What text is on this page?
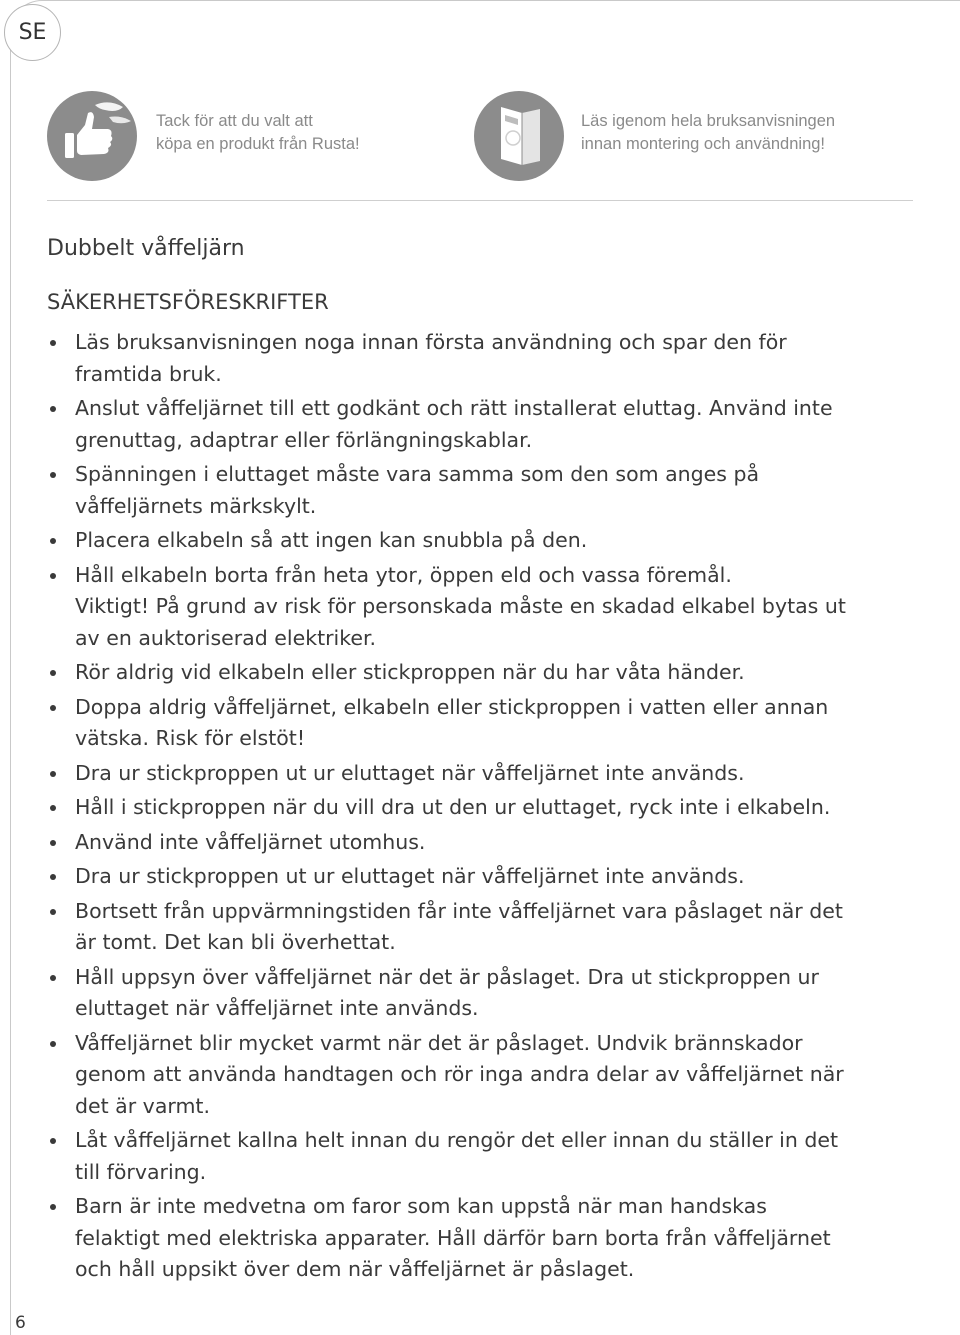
SE

Tack för att du valt att
köpa en produkt från Rusta!

Läs igenom hela bruksanvisningen
innan montering och användning!

Dubbelt våffeljärn
SÄKERHETSFÖRESKRIFTER
Läs bruksanvisningen noga innan första användning och spar den för
framtida bruk.
Anslut våffeljärnet till ett godkänt och rätt installerat eluttag. Använd inte
grenuttag, adaptrar eller förlängningskablar.
Spänningen i eluttaget måste vara samma som den som anges på
våffeljärnets märkskylt.
Placera elkabeln så att ingen kan snubbla på den.
Håll elkabeln borta från heta ytor, öppen eld och vassa föremål.
Viktigt! På grund av risk för personskada måste en skadad elkabel bytas ut
av en auktoriserad elektriker.
Rör aldrig vid elkabeln eller stickproppen när du har våta händer.
Doppa aldrig våffeljärnet, elkabeln eller stickproppen i vatten eller annan
vätska. Risk för elstöt!
Dra ur stickproppen ut ur eluttaget när våffeljärnet inte används.
Håll i stickproppen när du vill dra ut den ur eluttaget, ryck inte i elkabeln.
Använd inte våffeljärnet utomhus.
Dra ur stickproppen ut ur eluttaget när våffeljärnet inte används.
Bortsett från uppvärmningstiden får inte våffeljärnet vara påslaget när det
är tomt. Det kan bli överhettat.
Håll uppsyn över våffeljärnet när det är påslaget. Dra ut stickproppen ur
eluttaget när våffeljärnet inte används.
Våffeljärnet blir mycket varmt när det är påslaget. Undvik brännskador
genom att använda handtagen och rör inga andra delar av våffeljärnet när
det är varmt.
Låt våffeljärnet kallna helt innan du rengör det eller innan du ställer in det
till förvaring.
Barn är inte medvetna om faror som kan uppstå när man handskas
felaktigt med elektriska apparater. Håll därför barn borta från våffeljärnet
och håll uppsikt över dem när våffeljärnet är påslaget.
6
